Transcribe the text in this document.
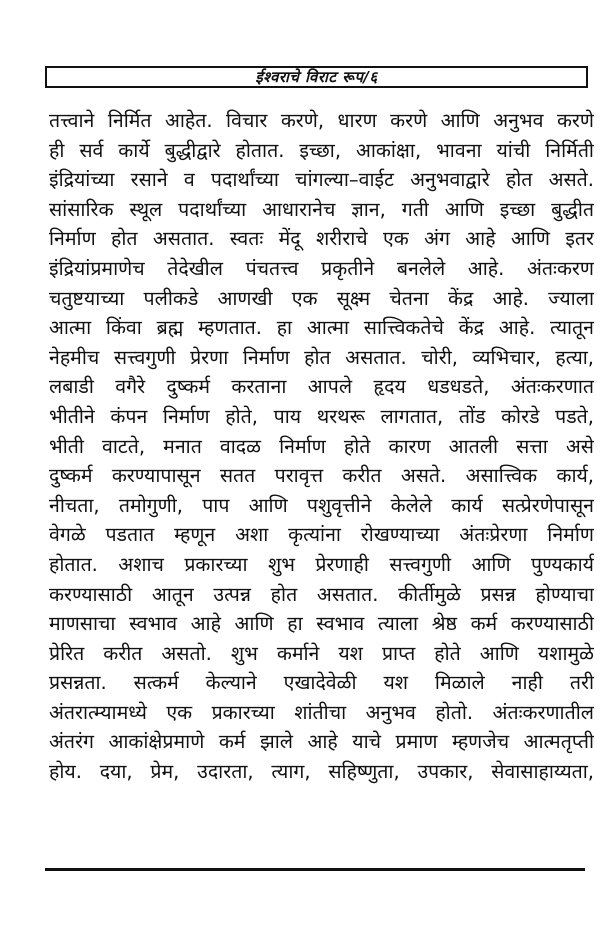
ईश्वराचे विराट रूप/६
तत्त्वाने निर्मित आहेत. विचार करणे, धारण करणे आणि अनुभव करणे
ही सर्व कार्ये बुद्धीद्वारे होतात. इच्छा, आकांक्षा, भावना यांची निर्मिती
इंद्रियांच्या रसाने व पदार्थांच्या चांगल्या–वाईट अनुभवाद्वारे होत असते.
सांसारिक स्थूल पदार्थांच्या आधारानेच ज्ञान, गती आणि इच्छा बुद्धीत
निर्माण होत असतात. स्वतः मेंदू शरीराचे एक अंग आहे आणि इतर
इंद्रियांप्रमाणेच तेदेखील पंचतत्त्व प्रकृतीने बनलेले आहे. अंतःकरण
चतुष्टयाच्या पलीकडे आणखी एक सूक्ष्म चेतना केंद्र आहे. ज्याला
आत्मा किंवा ब्रह्म म्हणतात. हा आत्मा सात्त्विकतेचे केंद्र आहे. त्यातून
नेहमीच सत्त्वगुणी प्रेरणा निर्माण होत असतात. चोरी, व्यभिचार, हत्या,
लबाडी वगैरे दुष्कर्म करताना आपले हृदय धडधडते, अंतःकरणात
भीतीने कंपन निर्माण होते, पाय थरथरू लागतात, तोंड कोरडे पडते,
भीती वाटते, मनात वादळ निर्माण होते कारण आतली सत्ता असे
दुष्कर्म करण्यापासून सतत परावृत्त करीत असते. असात्त्विक कार्य,
नीचता, तमोगुणी, पाप आणि पशुवृत्तीने केलेले कार्य सत्प्रेरणेपासून
वेगळे पडतात म्हणून अशा कृत्यांना रोखण्याच्या अंतःप्रेरणा निर्माण
होतात. अशाच प्रकारच्या शुभ प्रेरणाही सत्त्वगुणी आणि पुण्यकार्य
करण्यासाठी आतून उत्पन्न होत असतात. कीर्तीमुळे प्रसन्न होण्याचा
माणसाचा स्वभाव आहे आणि हा स्वभाव त्याला श्रेष्ठ कर्म करण्यासाठी
प्रेरित करीत असतो. शुभ कर्माने यश प्राप्त होते आणि यशामुळे
प्रसन्नता. सत्कर्म केल्याने एखादेवेळी यश मिळाले नाही तरी
अंतरात्म्यामध्ये एक प्रकारच्या शांतीचा अनुभव होतो. अंतःकरणातील
अंतरंग आकांक्षेप्रमाणे कर्म झाले आहे याचे प्रमाण म्हणजेच आत्मतृप्ती
होय. दया, प्रेम, उदारता, त्याग, सहिष्णुता, उपकार, सेवासाहाय्यता,
